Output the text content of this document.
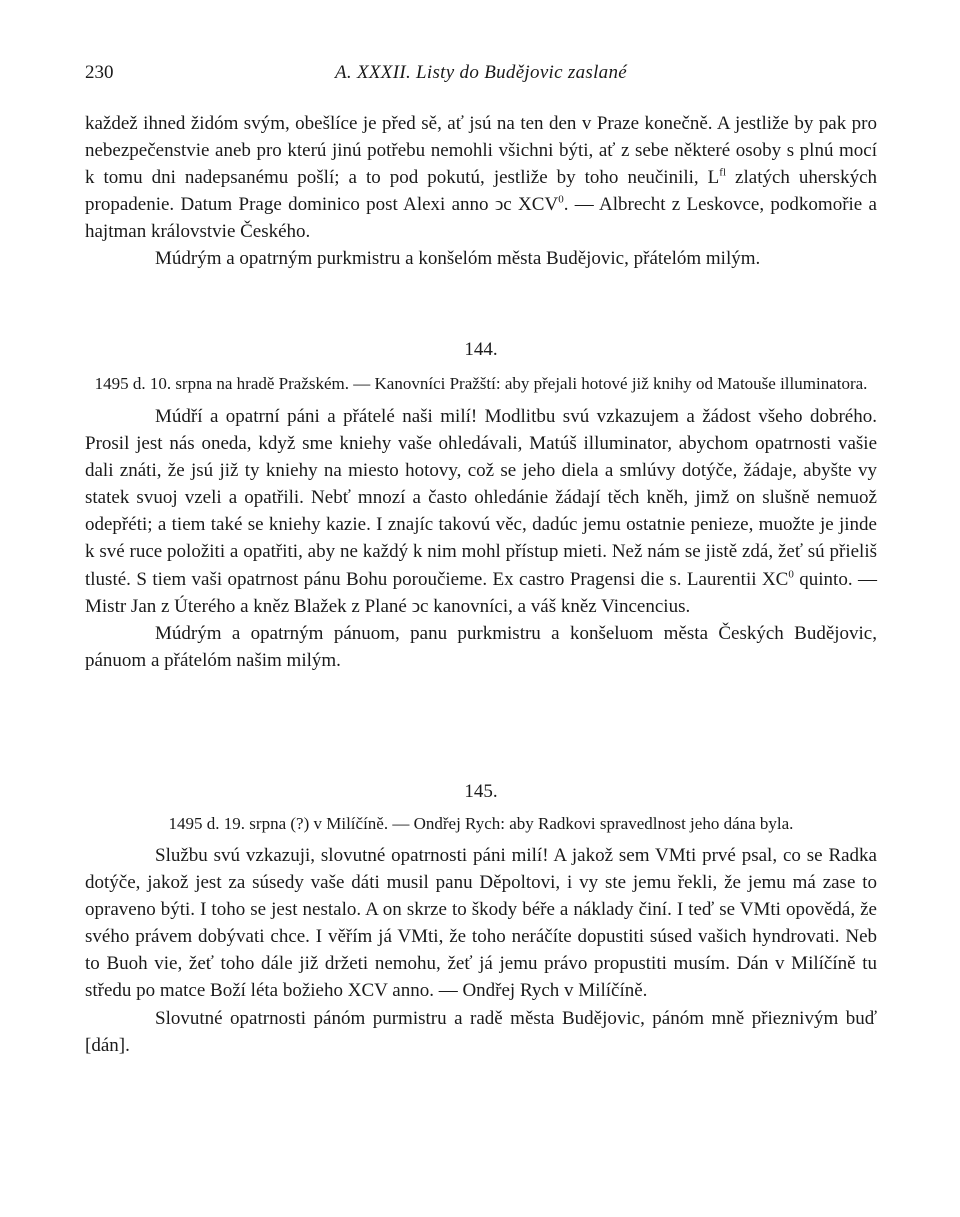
230	A. XXXII. Listy do Budějovic zaslané

každež ihned židóm svým, obešlíce je před sě, ať jsú na ten den v Praze konečně. A jestliže by pak pro nebezpečenstvie aneb pro kterú jinú potřebu nemohli všichni býti, ať z sebe některé osoby s plnú mocí k tomu dni nadepsanému pošlí; a to pod pokutú, jestliže by toho neučinili, $L^{fl}$ zlatých uherských propadenie. Datum Prage dominico post Alexi anno ͻc XCV$^0$. — Albrecht z Leskovce, podkomořie a hajtman královstvie Českého.

Múdrým a opatrným purkmistru a konšelóm města Budějovic, přátelóm milým.

144.

1495 d. 10. srpna na hradě Pražském. — Kanovníci Pražští: aby přejali hotové již knihy od Matouše illuminatora.

Múdří a opatrní páni a přátelé naši milí! Modlitbu svú vzkazujem a žádost všeho dobrého. Prosil jest nás oneda, když sme kniehy vaše ohledávali, Matúš illuminator, abychom opatrnosti vašie dali znáti, že jsú již ty kniehy na miesto hotovy, což se jeho diela a smlúvy dotýče, žádaje, abyšte vy statek svuoj vzeli a opatřili. Nebť mnozí a často ohledánie žádají těch kněh, jimž on slušně nemuož odepřéti; a tiem také se kniehy kazie. I znajíc takovú věc, dadúc jemu ostatnie penieze, muožte je jinde k své ruce položiti a opatřiti, aby ne každý k nim mohl přístup mieti. Než nám se jistě zdá, žeť sú přieliš tlusté. S tiem vaši opatrnost pánu Bohu poroučieme. Ex castro Pragensi die s. Laurentii $XC^0$ quinto. — Mistr Jan z Úterého a kněz Blažek z Plané ͻc kanovníci, a váš kněz Vincencius.

Múdrým a opatrným pánuom, panu purkmistru a konšeluom města Českých Budějovic, pánuom a přátelóm našim milým.

145.

1495 d. 19. srpna (?) v Milíčíně. — Ondřej Rych: aby Radkovi spravedlnost jeho dána byla.

Službu svú vzkazuji, slovutné opatrnosti páni milí! A jakož sem VMti prvé psal, co se Radka dotýče, jakož jest za súsedy vaše dáti musil panu Děpoltovi, i vy ste jemu řekli, že jemu má zase to opraveno býti. I toho se jest nestalo. A on skrze to škody béře a náklady činí. I teď se VMti opovědá, že svého právem dobývati chce. I věřím já VMti, že toho neráčíte dopustiti súsed vašich hyndrovati. Neb to Buoh vie, žeť toho dále již držeti nemohu, žeť já jemu právo propustiti musím. Dán v Milíčíně tu středu po matce Boží léta božieho XCV anno. — Ondřej Rych v Milíčíně.

Slovutné opatrnosti pánóm purmistru a radě města Budějovic, pánóm mně přieznivým buď [dán].
